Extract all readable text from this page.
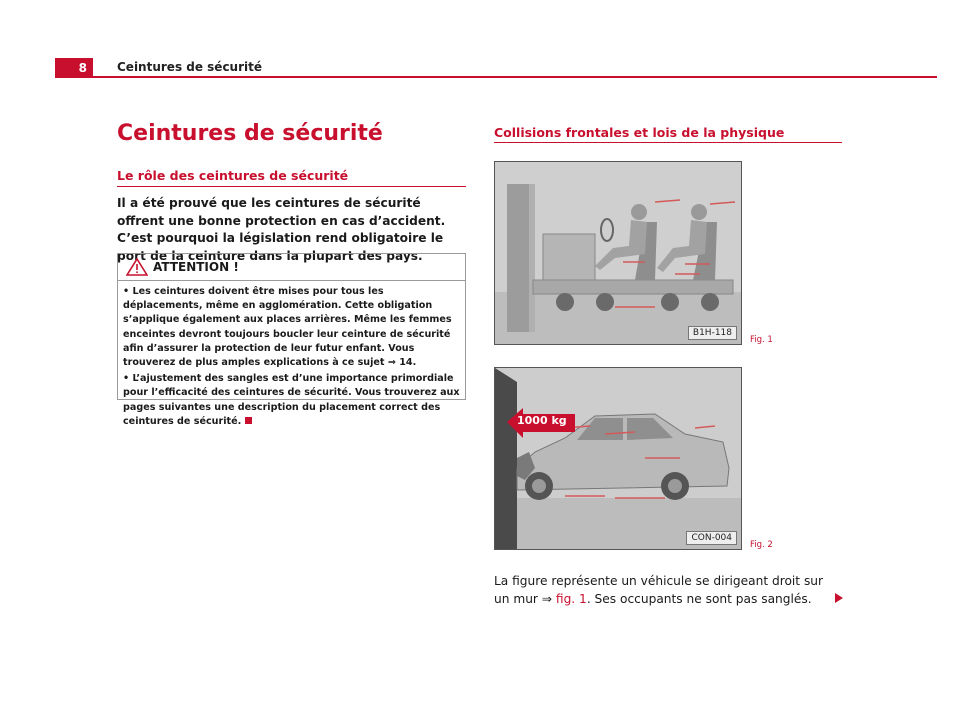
8	Ceintures de sécurité
Ceintures de sécurité
Le rôle des ceintures de sécurité
Il a été prouvé que les ceintures de sécurité offrent une bonne protection en cas d’accident. C’est pourquoi la législation rend obligatoire le port de la ceinture dans la plupart des pays.
ATTENTION !

• Les ceintures doivent être mises pour tous les déplacements, même en agglomération. Cette obligation s’applique également aux places arrières. Même les femmes enceintes devront toujours boucler leur ceinture de sécurité afin d’assurer la protection de leur futur enfant. Vous trouverez de plus amples explications à ce sujet ⇒ 14.

• L’ajustement des sangles est d’une importance primordiale pour l’efficacité des ceintures de sécurité. Vous trouverez aux pages suivantes une description du placement correct des ceintures de sécurité.

Collisions frontales et lois de la physique
B1H-118
Fig. 1
1000 kg
CON-004
Fig. 2
La figure représente un véhicule se dirigeant droit sur un mur ⇒ fig. 1. Ses occupants ne sont pas sanglés.
